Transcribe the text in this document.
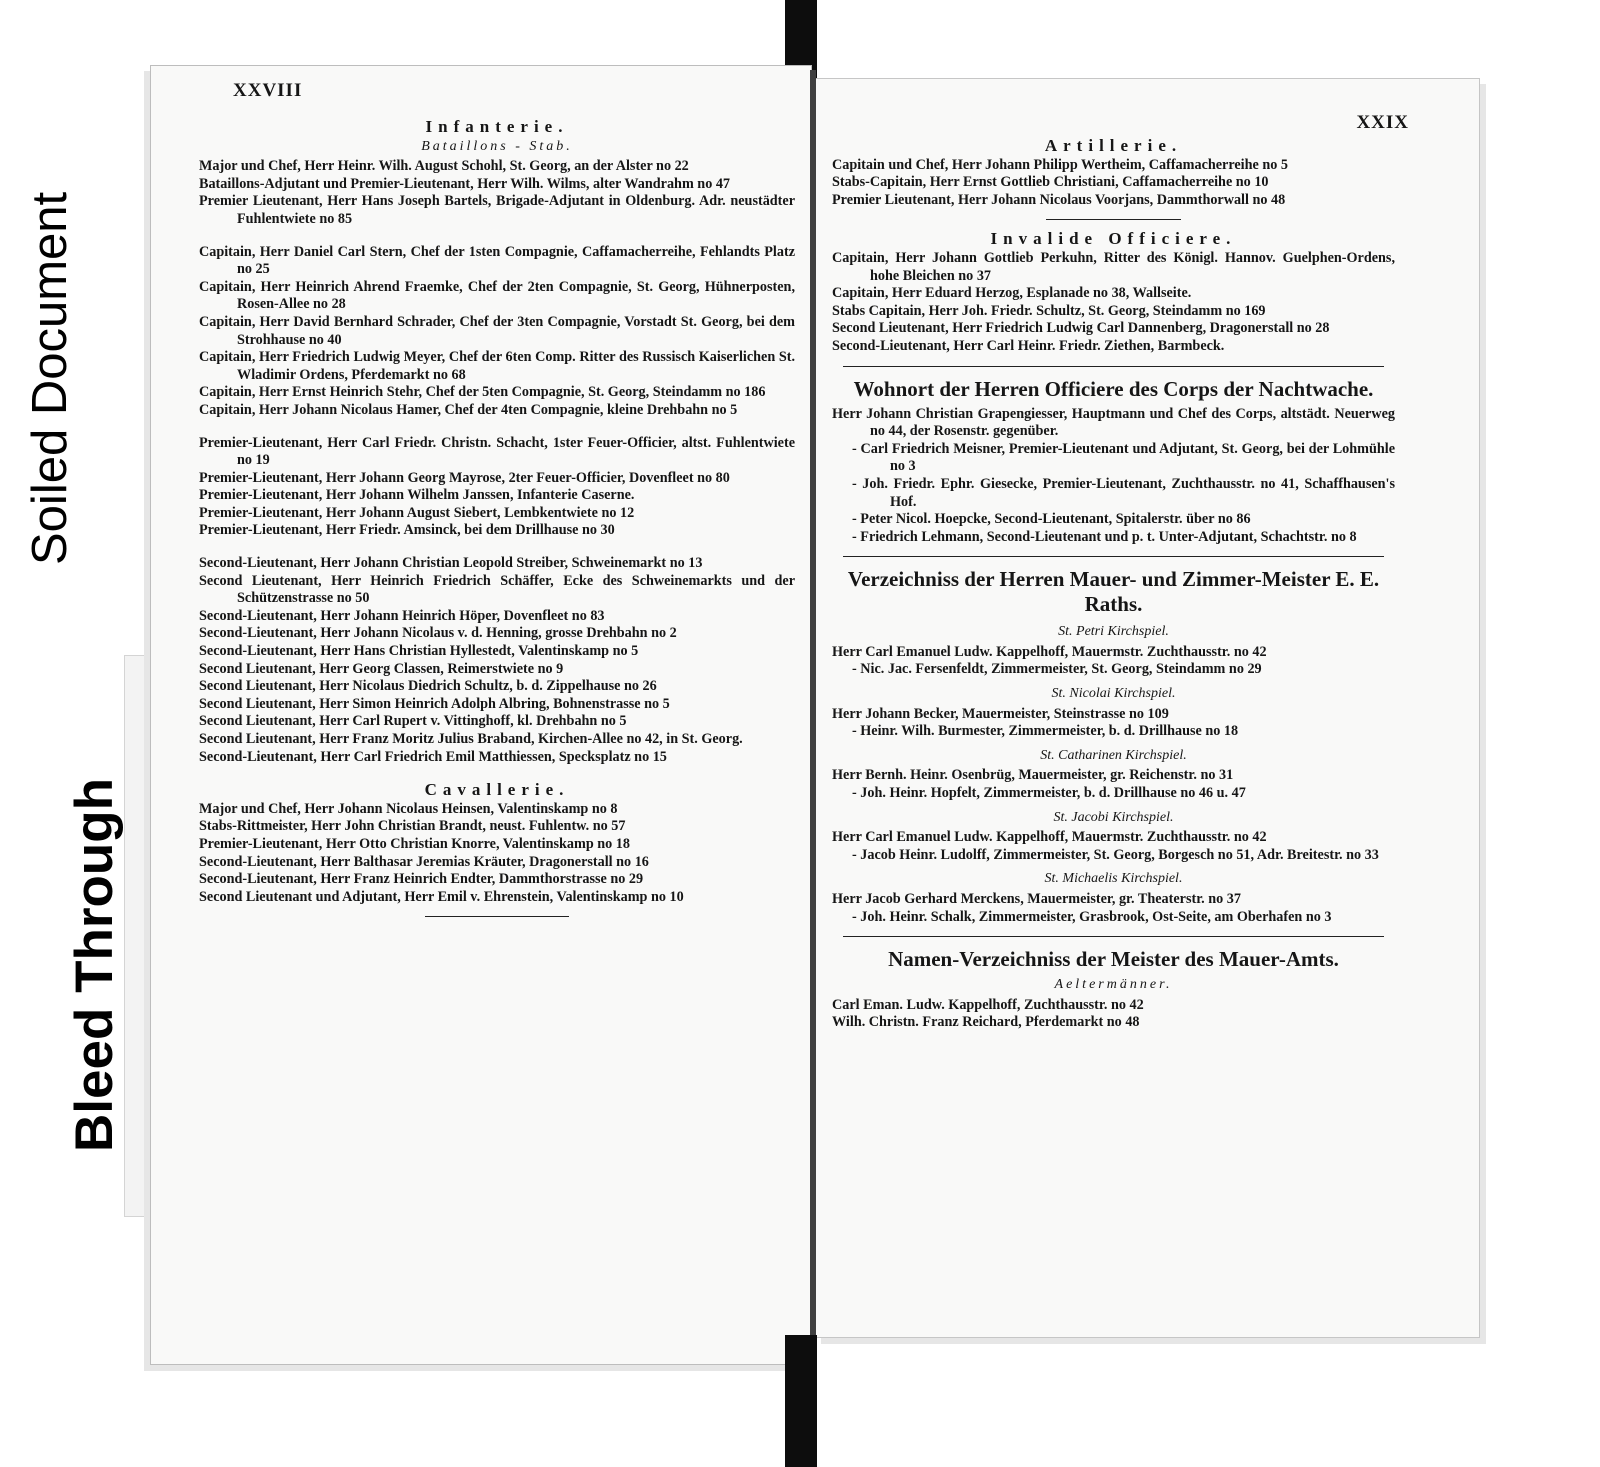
Soiled Document
Bleed Through
XXVIII
Infanterie.
Bataillons - Stab.

Major und Chef, Herr Heinr. Wilh. August Schohl, St. Georg, an der Alster no 22

Bataillons-Adjutant und Premier-Lieutenant, Herr Wilh. Wilms, alter Wandrahm no 47

Premier Lieutenant, Herr Hans Joseph Bartels, Brigade-Adjutant in Oldenburg. Adr. neustädter Fuhlentwiete no 85

Capitain, Herr Daniel Carl Stern, Chef der 1sten Compagnie, Caffamacherreihe, Fehlandts Platz no 25

Capitain, Herr Heinrich Ahrend Fraemke, Chef der 2ten Compagnie, St. Georg, Hühnerposten, Rosen-Allee no 28

Capitain, Herr David Bernhard Schrader, Chef der 3ten Compagnie, Vorstadt St. Georg, bei dem Strohhause no 40

Capitain, Herr Friedrich Ludwig Meyer, Chef der 6ten Comp. Ritter des Russisch Kaiserlichen St. Wladimir Ordens, Pferdemarkt no 68

Capitain, Herr Ernst Heinrich Stehr, Chef der 5ten Compagnie, St. Georg, Steindamm no 186

Capitain, Herr Johann Nicolaus Hamer, Chef der 4ten Compagnie, kleine Drehbahn no 5

Premier-Lieutenant, Herr Carl Friedr. Christn. Schacht, 1ster Feuer-Officier, altst. Fuhlentwiete no 19

Premier-Lieutenant, Herr Johann Georg Mayrose, 2ter Feuer-Officier, Dovenfleet no 80

Premier-Lieutenant, Herr Johann Wilhelm Janssen, Infanterie Caserne.

Premier-Lieutenant, Herr Johann August Siebert, Lembkentwiete no 12

Premier-Lieutenant, Herr Friedr. Amsinck, bei dem Drillhause no 30

Second-Lieutenant, Herr Johann Christian Leopold Streiber, Schweinemarkt no 13

Second Lieutenant, Herr Heinrich Friedrich Schäffer, Ecke des Schweinemarkts und der Schützenstrasse no 50

Second-Lieutenant, Herr Johann Heinrich Höper, Dovenfleet no 83

Second-Lieutenant, Herr Johann Nicolaus v. d. Henning, grosse Drehbahn no 2

Second-Lieutenant, Herr Hans Christian Hyllestedt, Valentinskamp no 5

Second Lieutenant, Herr Georg Classen, Reimerstwiete no 9

Second Lieutenant, Herr Nicolaus Diedrich Schultz, b. d. Zippelhause no 26

Second Lieutenant, Herr Simon Heinrich Adolph Albring, Bohnenstrasse no 5

Second Lieutenant, Herr Carl Rupert v. Vittinghoff, kl. Drehbahn no 5

Second Lieutenant, Herr Franz Moritz Julius Braband, Kirchen-Allee no 42, in St. Georg.

Second-Lieutenant, Herr Carl Friedrich Emil Matthiessen, Specksplatz no 15

Cavallerie.

Major und Chef, Herr Johann Nicolaus Heinsen, Valentinskamp no 8

Stabs-Rittmeister, Herr John Christian Brandt, neust. Fuhlentw. no 57

Premier-Lieutenant, Herr Otto Christian Knorre, Valentinskamp no 18

Second-Lieutenant, Herr Balthasar Jeremias Kräuter, Dragonerstall no 16

Second-Lieutenant, Herr Franz Heinrich Endter, Dammthorstrasse no 29

Second Lieutenant und Adjutant, Herr Emil v. Ehrenstein, Valentinskamp no 10

XXIX
Artillerie.

Capitain und Chef, Herr Johann Philipp Wertheim, Caffamacherreihe no 5

Stabs-Capitain, Herr Ernst Gottlieb Christiani, Caffamacherreihe no 10

Premier Lieutenant, Herr Johann Nicolaus Voorjans, Dammthorwall no 48

Invalide Officiere.

Capitain, Herr Johann Gottlieb Perkuhn, Ritter des Königl. Hannov. Guelphen-Ordens, hohe Bleichen no 37

Capitain, Herr Eduard Herzog, Esplanade no 38, Wallseite.

Stabs Capitain, Herr Joh. Friedr. Schultz, St. Georg, Steindamm no 169

Second Lieutenant, Herr Friedrich Ludwig Carl Dannenberg, Dragonerstall no 28

Second-Lieutenant, Herr Carl Heinr. Friedr. Ziethen, Barmbeck.

Wohnort der Herren Officiere des Corps der Nachtwache.

Herr Johann Christian Grapengiesser, Hauptmann und Chef des Corps, altstädt. Neuerweg no 44, der Rosenstr. gegenüber.

- Carl Friedrich Meisner, Premier-Lieutenant und Adjutant, St. Georg, bei der Lohmühle no 3

- Joh. Friedr. Ephr. Giesecke, Premier-Lieutenant, Zuchthausstr. no 41, Schaffhausen's Hof.

- Peter Nicol. Hoepcke, Second-Lieutenant, Spitalerstr. über no 86

- Friedrich Lehmann, Second-Lieutenant und p. t. Unter-Adjutant, Schachtstr. no 8

Verzeichniss der Herren Mauer- und Zimmer-Meister E. E. Raths.
St. Petri Kirchspiel.

Herr Carl Emanuel Ludw. Kappelhoff, Mauermstr. Zuchthausstr. no 42

- Nic. Jac. Fersenfeldt, Zimmermeister, St. Georg, Steindamm no 29

St. Nicolai Kirchspiel.

Herr Johann Becker, Mauermeister, Steinstrasse no 109

- Heinr. Wilh. Burmester, Zimmermeister, b. d. Drillhause no 18

St. Catharinen Kirchspiel.

Herr Bernh. Heinr. Osenbrüg, Mauermeister, gr. Reichenstr. no 31

- Joh. Heinr. Hopfelt, Zimmermeister, b. d. Drillhause no 46 u. 47

St. Jacobi Kirchspiel.

Herr Carl Emanuel Ludw. Kappelhoff, Mauermstr. Zuchthausstr. no 42

- Jacob Heinr. Ludolff, Zimmermeister, St. Georg, Borgesch no 51, Adr. Breitestr. no 33

St. Michaelis Kirchspiel.

Herr Jacob Gerhard Merckens, Mauermeister, gr. Theaterstr. no 37

- Joh. Heinr. Schalk, Zimmermeister, Grasbrook, Ost-Seite, am Oberhafen no 3

Namen-Verzeichniss der Meister des Mauer-Amts.
Aeltermänner.

Carl Eman. Ludw. Kappelhoff, Zuchthausstr. no 42

Wilh. Christn. Franz Reichard, Pferdemarkt no 48
